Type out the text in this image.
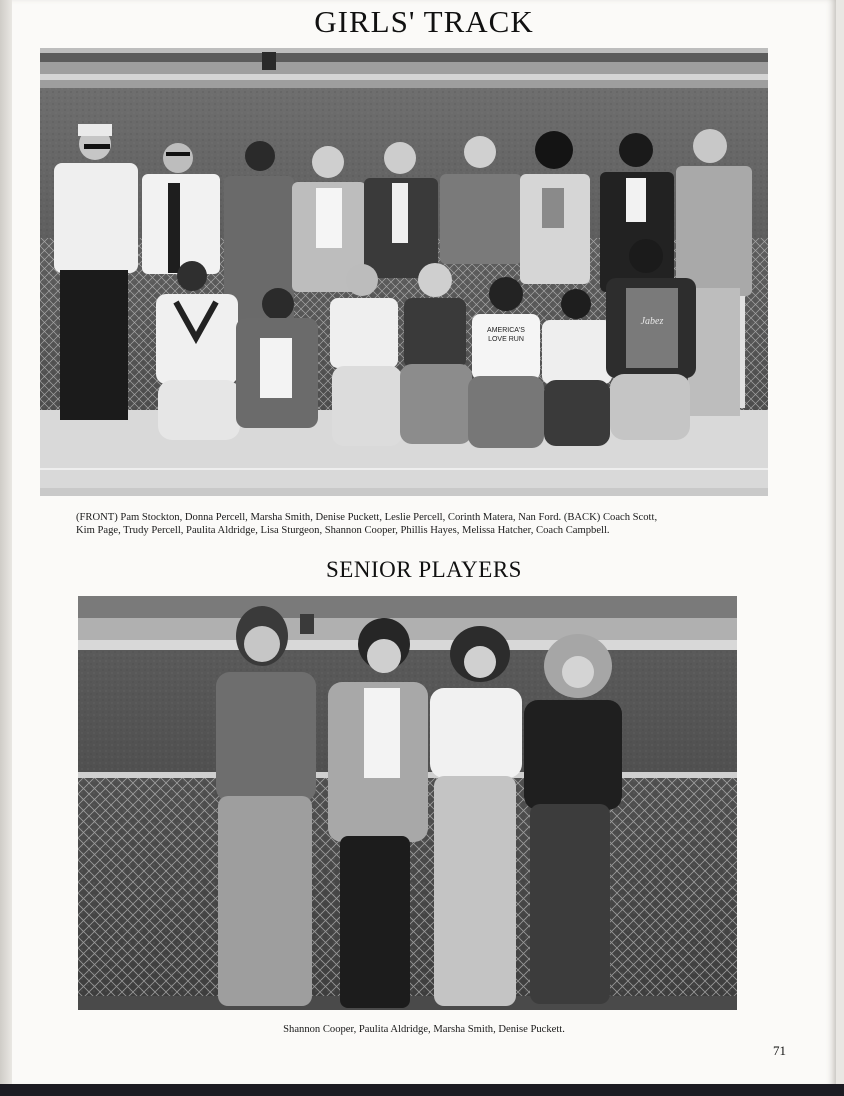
GIRLS' TRACK
AMERICA'S
LOVE RUN
Jabez
(FRONT) Pam Stockton, Donna Percell, Marsha Smith, Denise Puckett, Leslie Percell, Corinth Matera, Nan Ford. (BACK) Coach Scott,
Kim Page, Trudy Percell, Paulita Aldridge, Lisa Sturgeon, Shannon Cooper, Phillis Hayes, Melissa Hatcher, Coach Campbell.
SENIOR PLAYERS
Shannon Cooper, Paulita Aldridge, Marsha Smith, Denise Puckett.
71
